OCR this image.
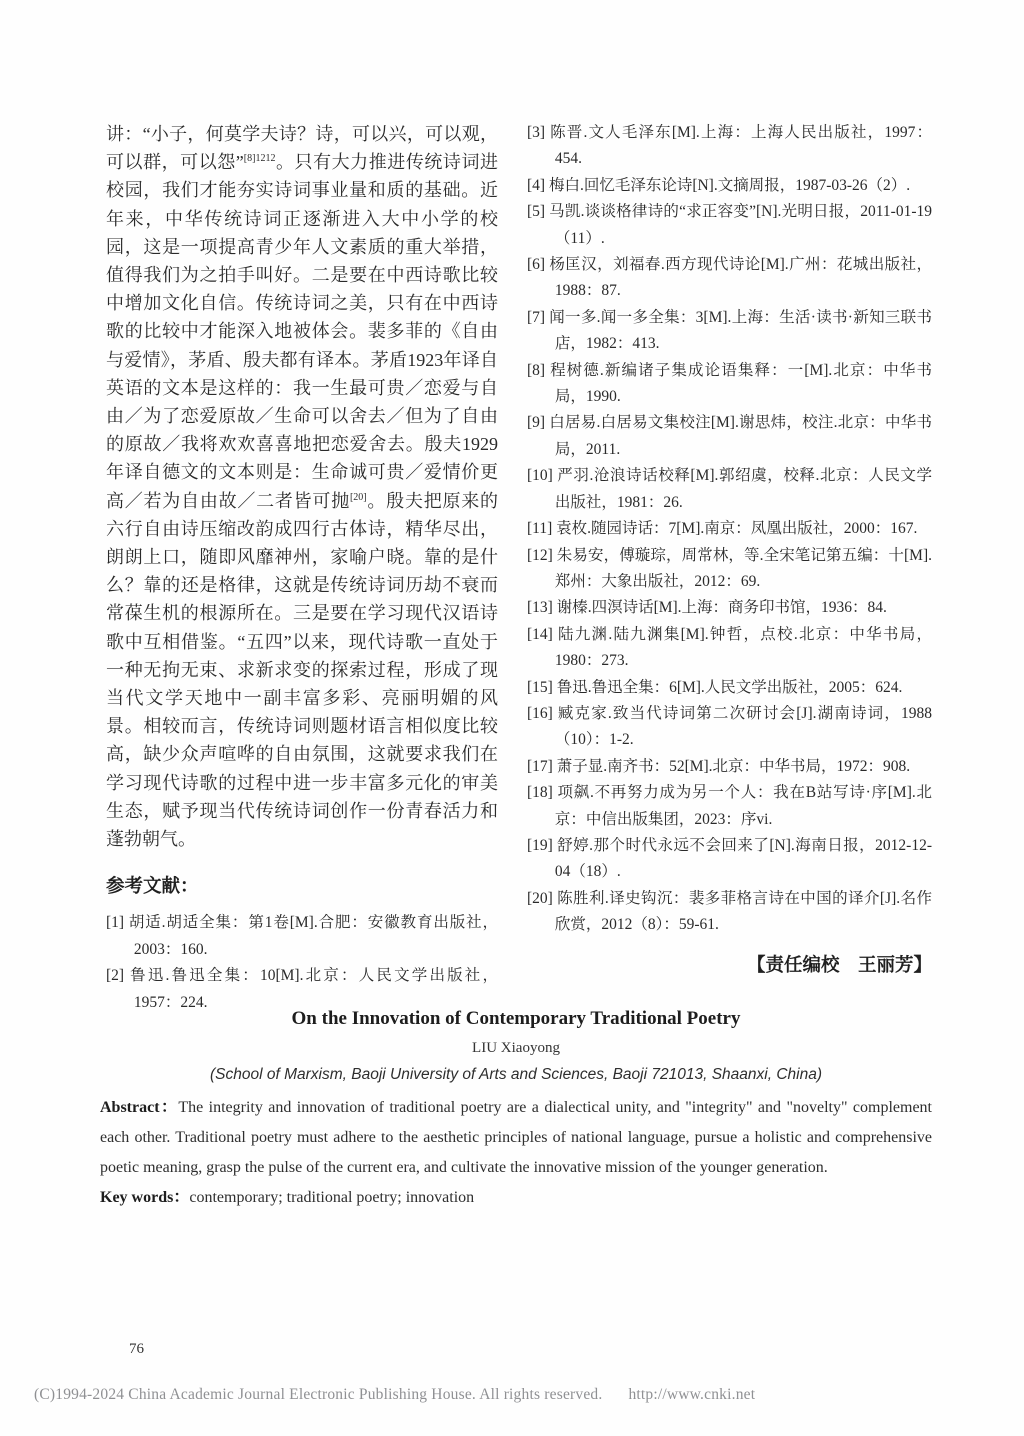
讲：“小子，何莫学夫诗？诗，可以兴，可以观，可以群，可以怨”$^{[8]1212}$。只有大力推进传统诗词进校园，我们才能夯实诗词事业量和质的基础。近年来，中华传统诗词正逐渐进入大中小学的校园，这是一项提高青少年人文素质的重大举措，值得我们为之拍手叫好。二是要在中西诗歌比较中增加文化自信。传统诗词之美，只有在中西诗歌的比较中才能深入地被体会。裴多菲的《自由与爱情》，茅盾、殷夫都有译本。茅盾1923年译自英语的文本是这样的：我一生最可贵／恋爱与自由／为了恋爱原故／生命可以舍去／但为了自由的原故／我将欢欢喜喜地把恋爱舍去。殷夫1929年译自德文的文本则是：生命诚可贵／爱情价更高／若为自由故／二者皆可抛[20]。殷夫把原来的六行自由诗压缩改韵成四行古体诗，精华尽出，朗朗上口，随即风靡神州，家喻户晓。靠的是什么？靠的还是格律，这就是传统诗词历劫不衰而常葆生机的根源所在。三是要在学习现代汉语诗歌中互相借鉴。“五四”以来，现代诗歌一直处于一种无拘无束、求新求变的探索过程，形成了现当代文学天地中一副丰富多彩、亮丽明媚的风景。相较而言，传统诗词则题材语言相似度比较高，缺少众声喧哗的自由氛围，这就要求我们在学习现代诗歌的过程中进一步丰富多元化的审美生态，赋予现当代传统诗词创作一份青春活力和蓬勃朝气。

参考文献：
[1] 胡适.胡适全集：第1卷[M].合肥：安徽教育出版社，2003：160.
[2] 鲁迅.鲁迅全集：10[M].北京：人民文学出版社，1957：224.
[3] 陈晋.文人毛泽东[M].上海：上海人民出版社，1997：454.
[4] 梅白.回忆毛泽东论诗[N].文摘周报，1987-03-26（2）.
[5] 马凯.谈谈格律诗的“求正容变”[N].光明日报，2011-01-19（11）.
[6] 杨匡汉，刘福春.西方现代诗论[M].广州：花城出版社，1988：87.
[7] 闻一多.闻一多全集：3[M].上海：生活·读书·新知三联书店，1982：413.
[8] 程树德.新编诸子集成论语集释：一[M].北京：中华书局，1990.
[9] 白居易.白居易文集校注[M].谢思炜，校注.北京：中华书局，2011.
[10] 严羽.沧浪诗话校释[M].郭绍虞，校释.北京：人民文学出版社，1981：26.
[11] 袁枚.随园诗话：7[M].南京：凤凰出版社，2000：167.
[12] 朱易安，傅璇琮，周常林，等.全宋笔记第五编：十[M].郑州：大象出版社，2012：69.
[13] 谢榛.四溟诗话[M].上海：商务印书馆，1936：84.
[14] 陆九渊.陆九渊集[M].钟哲，点校.北京：中华书局，1980：273.
[15] 鲁迅.鲁迅全集：6[M].人民文学出版社，2005：624.
[16] 臧克家.致当代诗词第二次研讨会[J].湖南诗词，1988（10）：1-2.
[17] 萧子显.南齐书：52[M].北京：中华书局，1972：908.
[18] 项飙.不再努力成为另一个人：我在B站写诗·序[M].北京：中信出版集团，2023：序vi.
[19] 舒婷.那个时代永远不会回来了[N].海南日报，2012-12-04（18）.
[20] 陈胜利.译史钩沉：裴多菲格言诗在中国的译介[J].名作欣赏，2012（8）：59-61.
【责任编校　王丽芳】
On the Innovation of Contemporary Traditional Poetry
LIU Xiaoyong
(School of Marxism, Baoji University of Arts and Sciences, Baoji 721013, Shaanxi, China)

Abstract：The integrity and innovation of traditional poetry are a dialectical unity, and "integrity" and "novelty" complement each other. Traditional poetry must adhere to the aesthetic principles of national language, pursue a holistic and comprehensive poetic meaning, grasp the pulse of the current era, and cultivate the innovative mission of the younger generation.

Key words：contemporary; traditional poetry; innovation

76
(C)1994-2024 China Academic Journal Electronic Publishing House. All rights reserved. http://www.cnki.net
